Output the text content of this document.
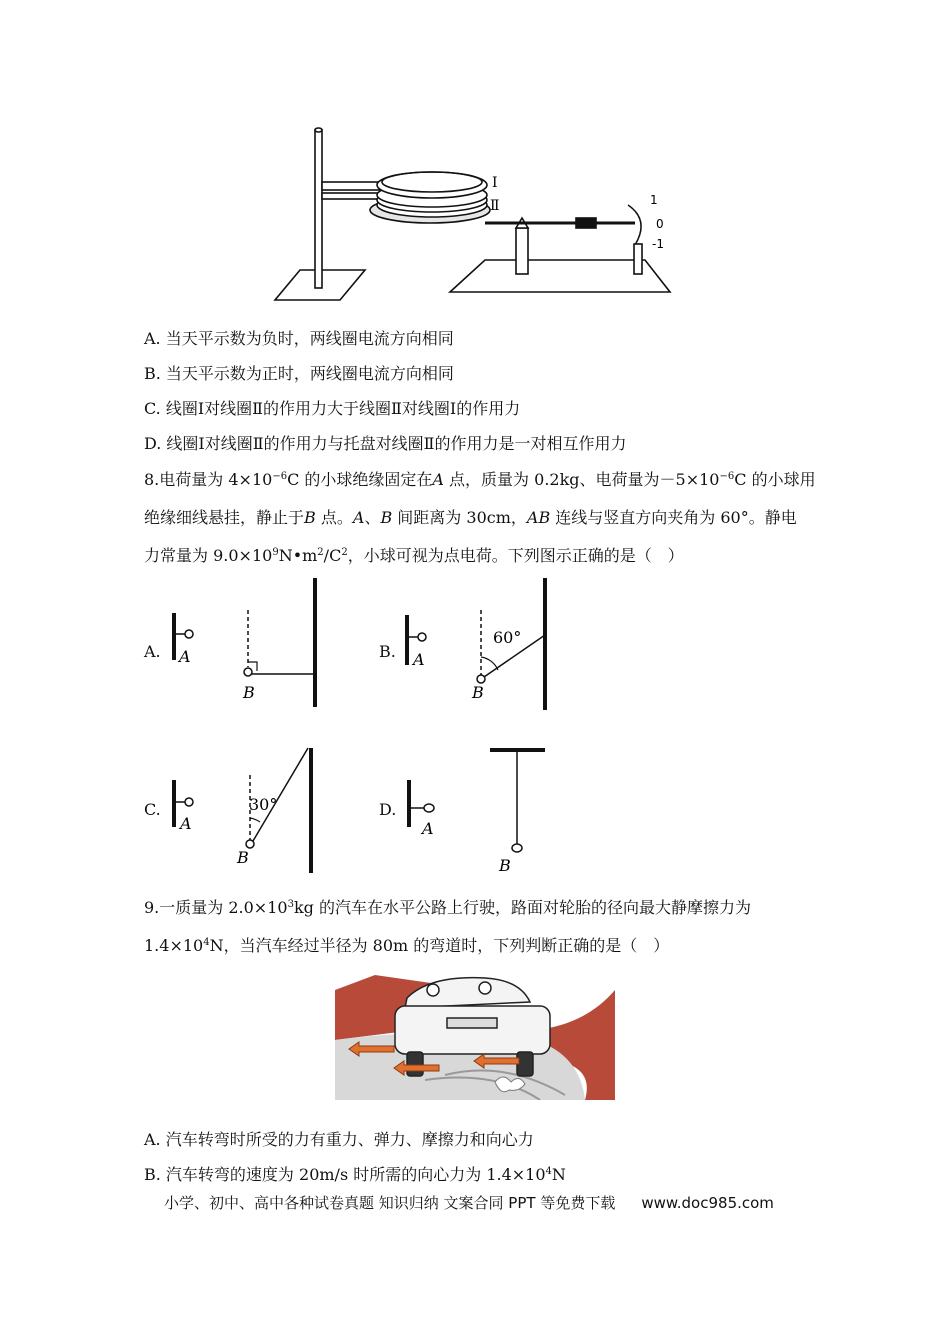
Ⅰ
Ⅱ	1
0
-1
A. 当天平示数为负时，两线圈电流方向相同
B. 当天平示数为正时，两线圈电流方向相同
C. 线圈Ⅰ对线圈Ⅱ的作用力大于线圈Ⅱ对线圈Ⅰ的作用力
D. 线圈Ⅰ对线圈Ⅱ的作用力与托盘对线圈Ⅱ的作用力是一对相互作用力
8.电荷量为 $4\times 10^{-6}C$ 的小球绝缘固定在A 点，质量为 0.2kg、电荷量为$-5\times 10^{-6}C$ 的小球用
绝缘细线悬挂，静止于B 点。A、B 间距离为 30cm，AB 连线与竖直方向夹角为 60°。静电
力常量为 $9.0\times 10^9N•m^2/C^2$，小球可视为点电荷。下列图示正确的是（　）
A. A
B
B.
60°
A
B
C.	30°
A
B
D.
A
B
9.一质量为 $2.0\times 10^3kg$ 的汽车在水平公路上行驶，路面对轮胎的径向最大静摩擦力为
$1.4\times 10^4N$，当汽车经过半径为 80m 的弯道时，下列判断正确的是（　）
A. 汽车转弯时所受的力有重力、弹力、摩擦力和向心力
B. 汽车转弯的速度为 20m/s 时所需的向心力为 $1.4\times 10^4N$
小学、初中、高中各种试卷真题 知识归纳 文案合同 PPT 等免费下载 www.doc985.com
